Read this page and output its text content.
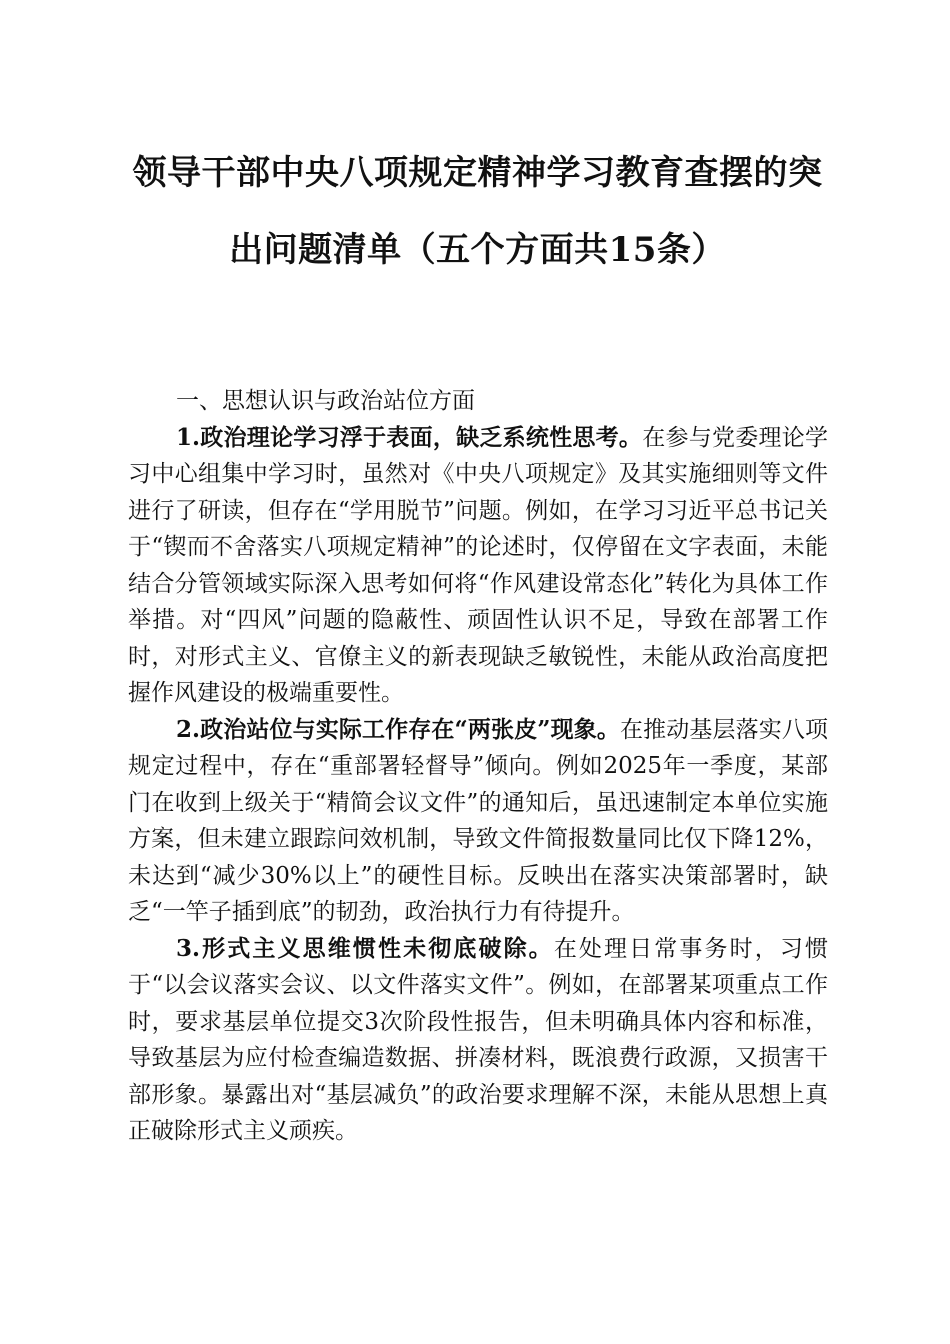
领导干部中央八项规定精神学习教育查摆的突
出问题清单（五个方面共15条）
一、思想认识与政治站位方面

1.政治理论学习浮于表面，缺乏系统性思考。在参与党委理论学习中心组集中学习时，虽然对《中央八项规定》及其实施细则等文件进行了研读，但存在“学用脱节”问题。例如，在学习习近平总书记关于“锲而不舍落实八项规定精神”的论述时，仅停留在文字表面，未能结合分管领域实际深入思考如何将“作风建设常态化”转化为具体工作举措。对“四风”问题的隐蔽性、顽固性认识不足，导致在部署工作时，对形式主义、官僚主义的新表现缺乏敏锐性，未能从政治高度把握作风建设的极端重要性。

2.政治站位与实际工作存在“两张皮”现象。在推动基层落实八项规定过程中，存在“重部署轻督导”倾向。例如2025年一季度，某部门在收到上级关于“精简会议文件”的通知后，虽迅速制定本单位实施方案，但未建立跟踪问效机制，导致文件简报数量同比仅下降12%，未达到“减少30%以上”的硬性目标。反映出在落实决策部署时，缺乏“一竿子插到底”的韧劲，政治执行力有待提升。

3.形式主义思维惯性未彻底破除。在处理日常事务时，习惯于“以会议落实会议、以文件落实文件”。例如，在部署某项重点工作时，要求基层单位提交3次阶段性报告，但未明确具体内容和标准，导致基层为应付检查编造数据、拼凑材料，既浪费行政源，又损害干部形象。暴露出对“基层减负”的政治要求理解不深，未能从思想上真正破除形式主义顽疾。
